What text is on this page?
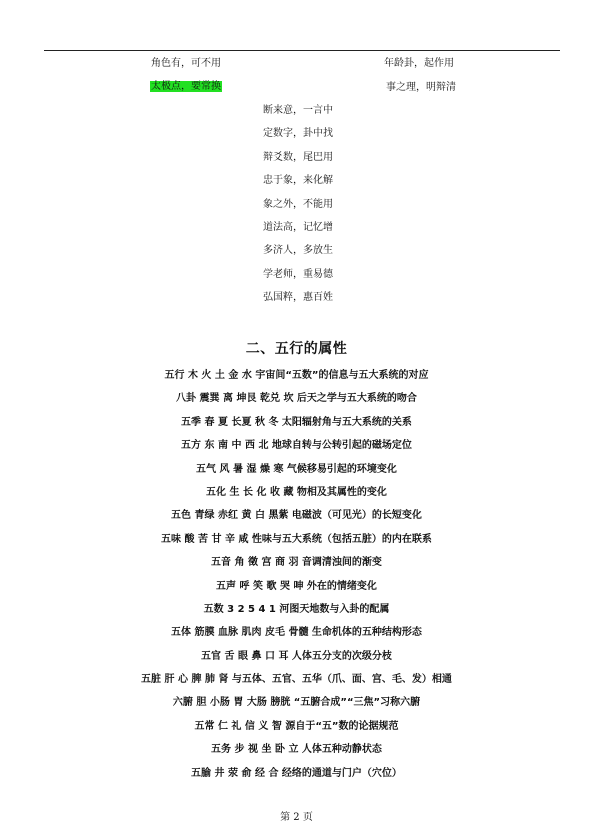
角色有，可不用	年龄卦，起作用
太极点，要常换	事之理，明辩清
断来意，一言中
定数字，卦中找
辩爻数，尾巴用
忠于象，来化解
象之外，不能用
道法高，记忆增
多济人，多放生
学老师，重易德
弘国粹，惠百姓
二、五行的属性
五行 木 火 土 金 水 宇宙间“五数”的信息与五大系统的对应
八卦 震巽 离 坤艮 乾兑 坎 后天之学与五大系统的吻合
五季 春 夏 长夏 秋 冬 太阳辐射角与五大系统的关系
五方 东 南 中 西 北 地球自转与公转引起的磁场定位
五气 风 暑 湿 燥 寒 气候移易引起的环境变化
五化 生 长 化 收 藏 物相及其属性的变化
五色 青绿 赤红 黄 白 黑紫 电磁波（可见光）的长短变化
五味 酸 苦 甘 辛 咸 性味与五大系统（包括五脏）的内在联系
五音 角 徵 宫 商 羽 音调清浊间的渐变
五声 呼 笑 歌 哭 呻 外在的情绪变化
五数 3 2 5 4 1 河图天地数与入卦的配属
五体 筋膜 血脉 肌肉 皮毛 骨髓 生命机体的五种结构形态
五官 舌 眼 鼻 口 耳 人体五分支的次级分枝
五脏 肝 心 脾 肺 肾 与五体、五官、五华（爪、面、宫、毛、发）相通
六腑 胆 小肠 胃 大肠 膀胱 “五腑合成”“三焦”习称六腑
五常 仁 礼 信 义 智 源自于“五”数的论据规范
五务 步 视 坐 卧 立 人体五种动静状态
五腧 井 荥 俞 经 合 经络的通道与门户（穴位）
第 2 页
